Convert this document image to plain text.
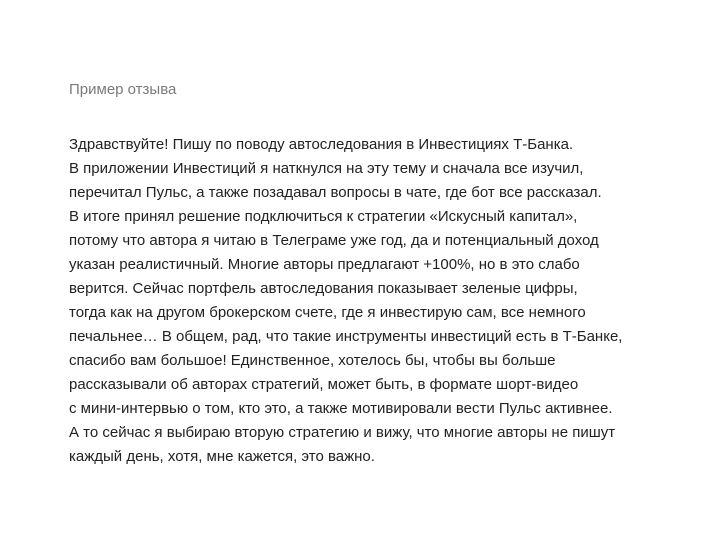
Пример отзыва
Здравствуйте! Пишу по поводу автоследования в Инвестициях Т-Банка.
В приложении Инвестиций я наткнулся на эту тему и сначала все изучил,
перечитал Пульс, а также позадавал вопросы в чате, где бот все рассказал.
В итоге принял решение подключиться к стратегии «Искусный капитал»,
потому что автора я читаю в Телеграме уже год, да и потенциальный доход
указан реалистичный. Многие авторы предлагают +100%, но в это слабо
верится. Сейчас портфель автоследования показывает зеленые цифры,
тогда как на другом брокерском счете, где я инвестирую сам, все немного
печальнее… В общем, рад, что такие инструменты инвестиций есть в Т-Банке,
спасибо вам большое! Единственное, хотелось бы, чтобы вы больше
рассказывали об авторах стратегий, может быть, в формате шорт-видео
с мини-интервью о том, кто это, а также мотивировали вести Пульс активнее.
А то сейчас я выбираю вторую стратегию и вижу, что многие авторы не пишут
каждый день, хотя, мне кажется, это важно.
